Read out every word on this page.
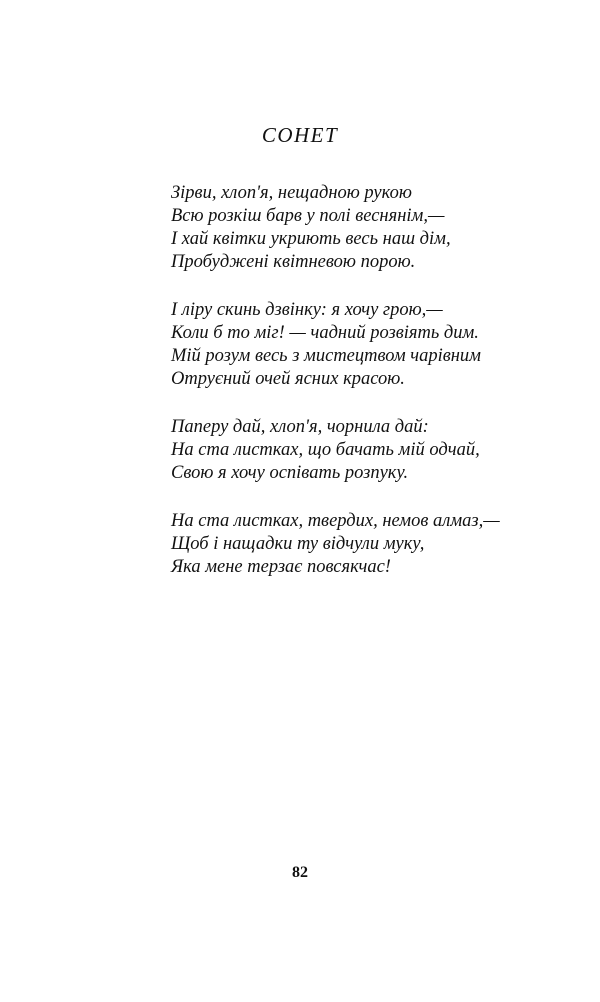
СОНЕТ
Зірви, хлоп'я, нещадною рукою
Всю розкіш барв у полі веснянім,—
І хай квітки укриють весь наш дім,
Пробуджені квітневою порою.
І ліру скинь дзвінку: я хочу грою,—
Коли б то міг! — чадний розвіять дим.
Мій розум весь з мистецтвом чарівним
Отруєний очей ясних красою.
Паперу дай, хлоп'я, чорнила дай:
На ста листках, що бачать мій одчай,
Свою я хочу оспівать розпуку.
На ста листках, твердих, немов алмаз,—
Щоб і нащадки ту відчули муку,
Яка мене терзає повсякчас!
82
